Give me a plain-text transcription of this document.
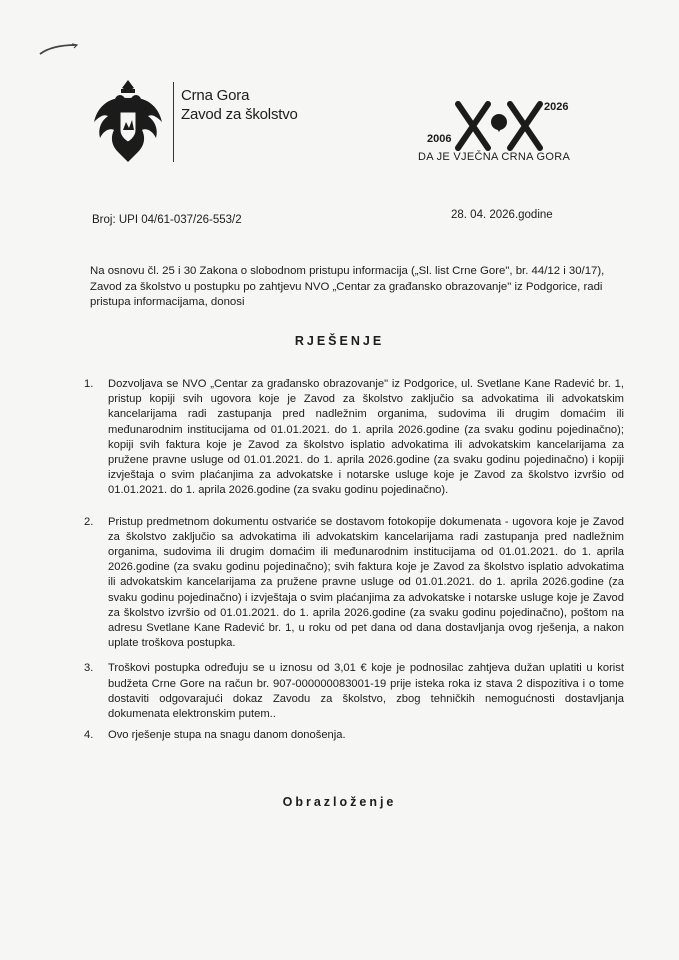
Crna Gora
Zavod za školstvo
2006
2026
DA JE VJEČNA CRNA GORA
Broj: UPI 04/61-037/26-553/2	28. 04. 2026.godine
Na osnovu čl. 25 i 30 Zakona o slobodnom pristupu informacija („Sl. list Crne Gore", br. 44/12 i 30/17), Zavod za školstvo u postupku po zahtjevu NVO „Centar za građansko obrazovanje" iz Podgorice, radi pristupa informacijama, donosi
RJEŠENJE
1. Dozvoljava se NVO „Centar za građansko obrazovanje" iz Podgorice, ul. Svetlane Kane Radević br. 1, pristup kopiji svih ugovora koje je Zavod za školstvo zaključio sa advokatima ili advokatskim kancelarijama radi zastupanja pred nadležnim organima, sudovima ili drugim domaćim ili međunarodnim institucijama od 01.01.2021. do 1. aprila 2026.godine (za svaku godinu pojedinačno); kopiji svih faktura koje je Zavod za školstvo isplatio advokatima ili advokatskim kancelarijama za pružene pravne usluge od 01.01.2021. do 1. aprila 2026.godine (za svaku godinu pojedinačno) i kopiji izvještaja o svim plaćanjima za advokatske i notarske usluge koje je Zavod za školstvo izvršio od 01.01.2021. do 1. aprila 2026.godine (za svaku godinu pojedinačno).
2. Pristup predmetnom dokumentu ostvariće se dostavom fotokopije dokumenata - ugovora koje je Zavod za školstvo zaključio sa advokatima ili advokatskim kancelarijama radi zastupanja pred nadležnim organima, sudovima ili drugim domaćim ili međunarodnim institucijama od 01.01.2021. do 1. aprila 2026.godine (za svaku godinu pojedinačno); svih faktura koje je Zavod za školstvo isplatio advokatima ili advokatskim kancelarijama za pružene pravne usluge od 01.01.2021. do 1. aprila 2026.godine (za svaku godinu pojedinačno) i izvještaja o svim plaćanjima za advokatske i notarske usluge koje je Zavod za školstvo izvršio od 01.01.2021. do 1. aprila 2026.godine (za svaku godinu pojedinačno), poštom na adresu Svetlane Kane Radević br. 1, u roku od pet dana od dana dostavljanja ovog rješenja, a nakon uplate troškova postupka.
3. Troškovi postupka određuju se u iznosu od 3,01 € koje je podnosilac zahtjeva dužan uplatiti u korist budžeta Crne Gore na račun br. 907-000000083001-19 prije isteka roka iz stava 2 dispozitiva i o tome dostaviti odgovarajući dokaz Zavodu za školstvo, zbog tehničkih nemogućnosti dostavljanja dokumenata elektronskim putem..
4. Ovo rješenje stupa na snagu danom donošenja.
Obrazloženje
